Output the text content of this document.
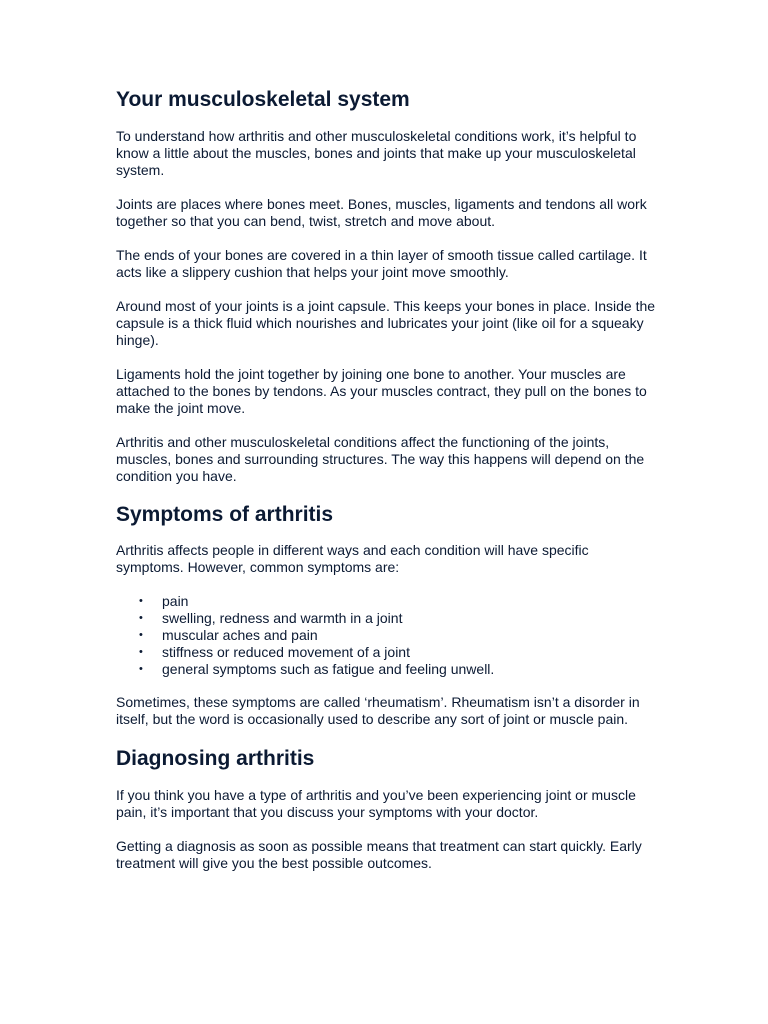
Your musculoskeletal system

To understand how arthritis and other musculoskeletal conditions work, it’s helpful to know a little about the muscles, bones and joints that make up your musculoskeletal system.

Joints are places where bones meet. Bones, muscles, ligaments and tendons all work together so that you can bend, twist, stretch and move about.

The ends of your bones are covered in a thin layer of smooth tissue called cartilage. It acts like a slippery cushion that helps your joint move smoothly.

Around most of your joints is a joint capsule. This keeps your bones in place. Inside the capsule is a thick fluid which nourishes and lubricates your joint (like oil for a squeaky hinge).

Ligaments hold the joint together by joining one bone to another. Your muscles are attached to the bones by tendons. As your muscles contract, they pull on the bones to make the joint move.

Arthritis and other musculoskeletal conditions affect the functioning of the joints, muscles, bones and surrounding structures. The way this happens will depend on the condition you have.

Symptoms of arthritis

Arthritis affects people in different ways and each condition will have specific symptoms. However, common symptoms are:

• pain
• swelling, redness and warmth in a joint
• muscular aches and pain
• stiffness or reduced movement of a joint
• general symptoms such as fatigue and feeling unwell.

Sometimes, these symptoms are called ‘rheumatism’. Rheumatism isn’t a disorder in itself, but the word is occasionally used to describe any sort of joint or muscle pain.

Diagnosing arthritis

If you think you have a type of arthritis and you’ve been experiencing joint or muscle pain, it’s important that you discuss your symptoms with your doctor.

Getting a diagnosis as soon as possible means that treatment can start quickly. Early treatment will give you the best possible outcomes.
